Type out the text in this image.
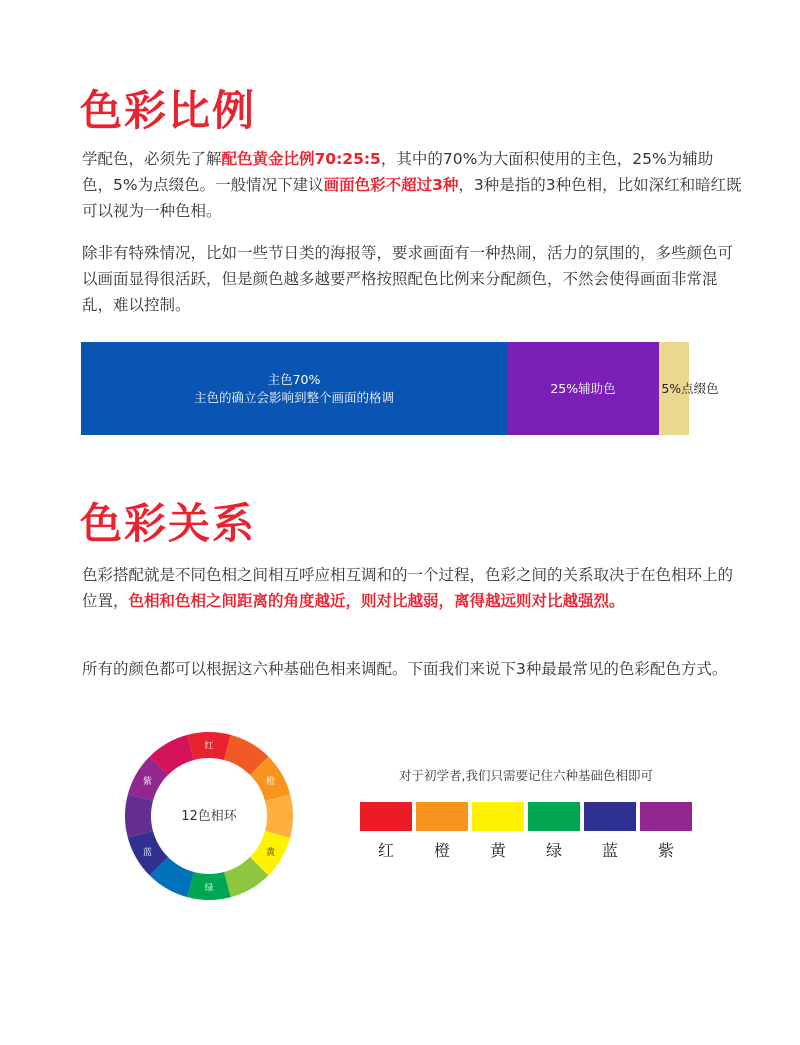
色彩比例
学配色，必须先了解配色黄金比例70:25:5，其中的70%为大面积使用的主色，25%为辅助色，5%为点缀色。一般情况下建议画面色彩不超过3种，3种是指的3种色相，比如深红和暗红既可以视为一种色相。
除非有特殊情况，比如一些节日类的海报等，要求画面有一种热闹，活力的氛围的，多些颜色可以画面显得很活跃，但是颜色越多越要严格按照配色比例来分配颜色，不然会使得画面非常混乱，难以控制。
主色70%
主色的确立会影响到整个画面的格调
25%辅助色	5%点缀色
色彩关系
色彩搭配就是不同色相之间相互呼应相互调和的一个过程，色彩之间的关系取决于在色相环上的位置，色相和色相之间距离的角度越近，则对比越弱，离得越远则对比越强烈。
所有的颜色都可以根据这六种基础色相来调配。下面我们来说下3种最最常见的色彩配色方式。
红
橙
黄
绿
蓝
紫
12色相环
对于初学者,我们只需要记住六种基础色相即可
红	橙	黄	绿	蓝	紫
